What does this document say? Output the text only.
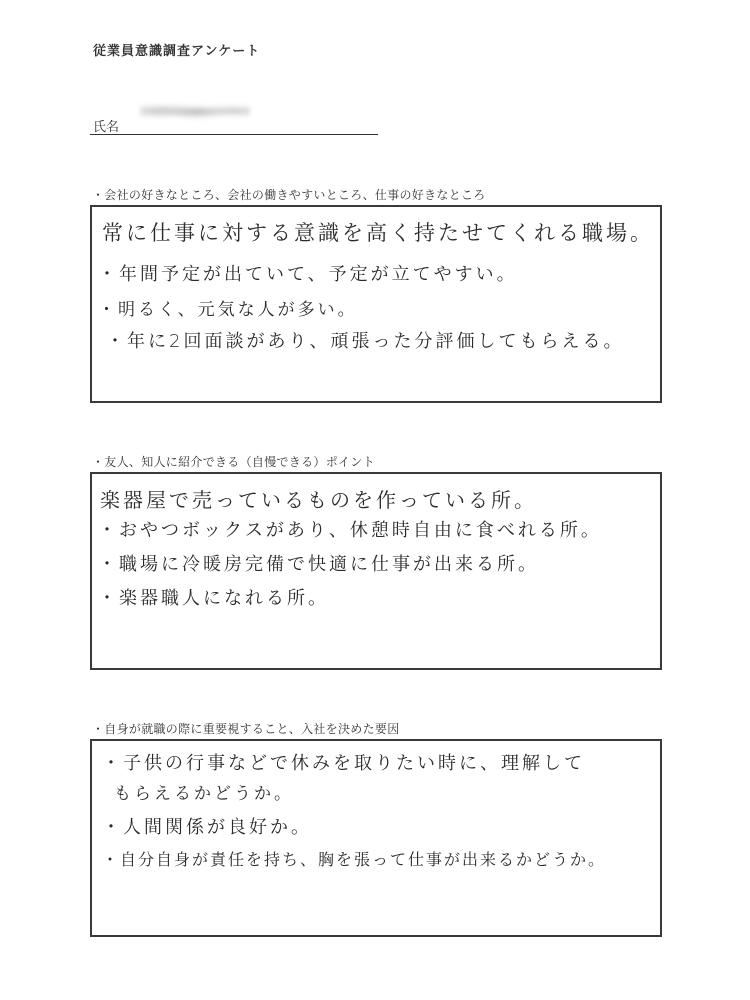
従業員意識調査アンケート
氏名
・会社の好きなところ、会社の働きやすいところ、仕事の好きなところ
常に仕事に対する意識を高く持たせてくれる職場。
・年間予定が出ていて、予定が立てやすい。
・明るく、元気な人が多い。
・年に2回面談があり、頑張った分評価してもらえる。
・友人、知人に紹介できる（自慢できる）ポイント
楽器屋で売っているものを作っている所。
・おやつボックスがあり、休憩時自由に食べれる所。
・職場に冷暖房完備で快適に仕事が出来る所。
・楽器職人になれる所。
・自身が就職の際に重要視すること、入社を決めた要因
・子供の行事などで休みを取りたい時に、理解して
もらえるかどうか。
・人間関係が良好か。
・自分自身が責任を持ち、胸を張って仕事が出来るかどうか。
